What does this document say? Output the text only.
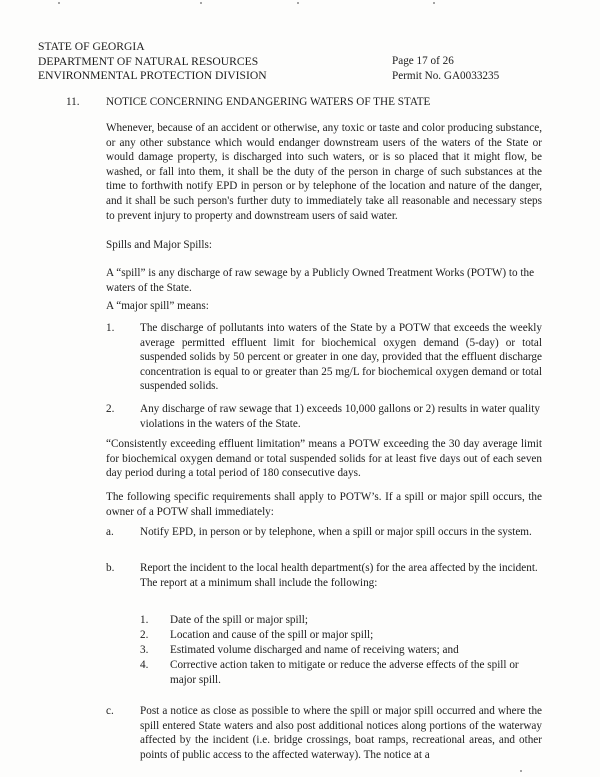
STATE OF GEORGIA
DEPARTMENT OF NATURAL RESOURCES
ENVIRONMENTAL PROTECTION DIVISION
Page 17 of 26
Permit No. GA0033235
11. NOTICE CONCERNING ENDANGERING WATERS OF THE STATE

Whenever, because of an accident or otherwise, any toxic or taste and color producing substance, or any other substance which would endanger downstream users of the waters of the State or would damage property, is discharged into such waters, or is so placed that it might flow, be washed, or fall into them, it shall be the duty of the person in charge of such substances at the time to forthwith notify EPD in person or by telephone of the location and nature of the danger, and it shall be such person's further duty to immediately take all reasonable and necessary steps to prevent injury to property and downstream users of said water.

Spills and Major Spills:

A “spill” is any discharge of raw sewage by a Publicly Owned Treatment Works (POTW) to the waters of the State.

A “major spill” means:

1. The discharge of pollutants into waters of the State by a POTW that exceeds the weekly average permitted effluent limit for biochemical oxygen demand (5-day) or total suspended solids by 50 percent or greater in one day, provided that the effluent discharge concentration is equal to or greater than 25 mg/L for biochemical oxygen demand or total suspended solids.
2. Any discharge of raw sewage that 1) exceeds 10,000 gallons or 2) results in water quality violations in the waters of the State.

“Consistently exceeding effluent limitation” means a POTW exceeding the 30 day average limit for biochemical oxygen demand or total suspended solids for at least five days out of each seven day period during a total period of 180 consecutive days.

The following specific requirements shall apply to POTW’s. If a spill or major spill occurs, the owner of a POTW shall immediately:

a. Notify EPD, in person or by telephone, when a spill or major spill occurs in the system.
b. Report the incident to the local health department(s) for the area affected by the incident.
The report at a minimum shall include the following:
1. Date of the spill or major spill;
2. Location and cause of the spill or major spill;
3. Estimated volume discharged and name of receiving waters; and
4. Corrective action taken to mitigate or reduce the adverse effects of the spill or major spill.
c. Post a notice as close as possible to where the spill or major spill occurred and where the spill entered State waters and also post additional notices along portions of the waterway affected by the incident (i.e. bridge crossings, boat ramps, recreational areas, and other points of public access to the affected waterway). The notice at a
